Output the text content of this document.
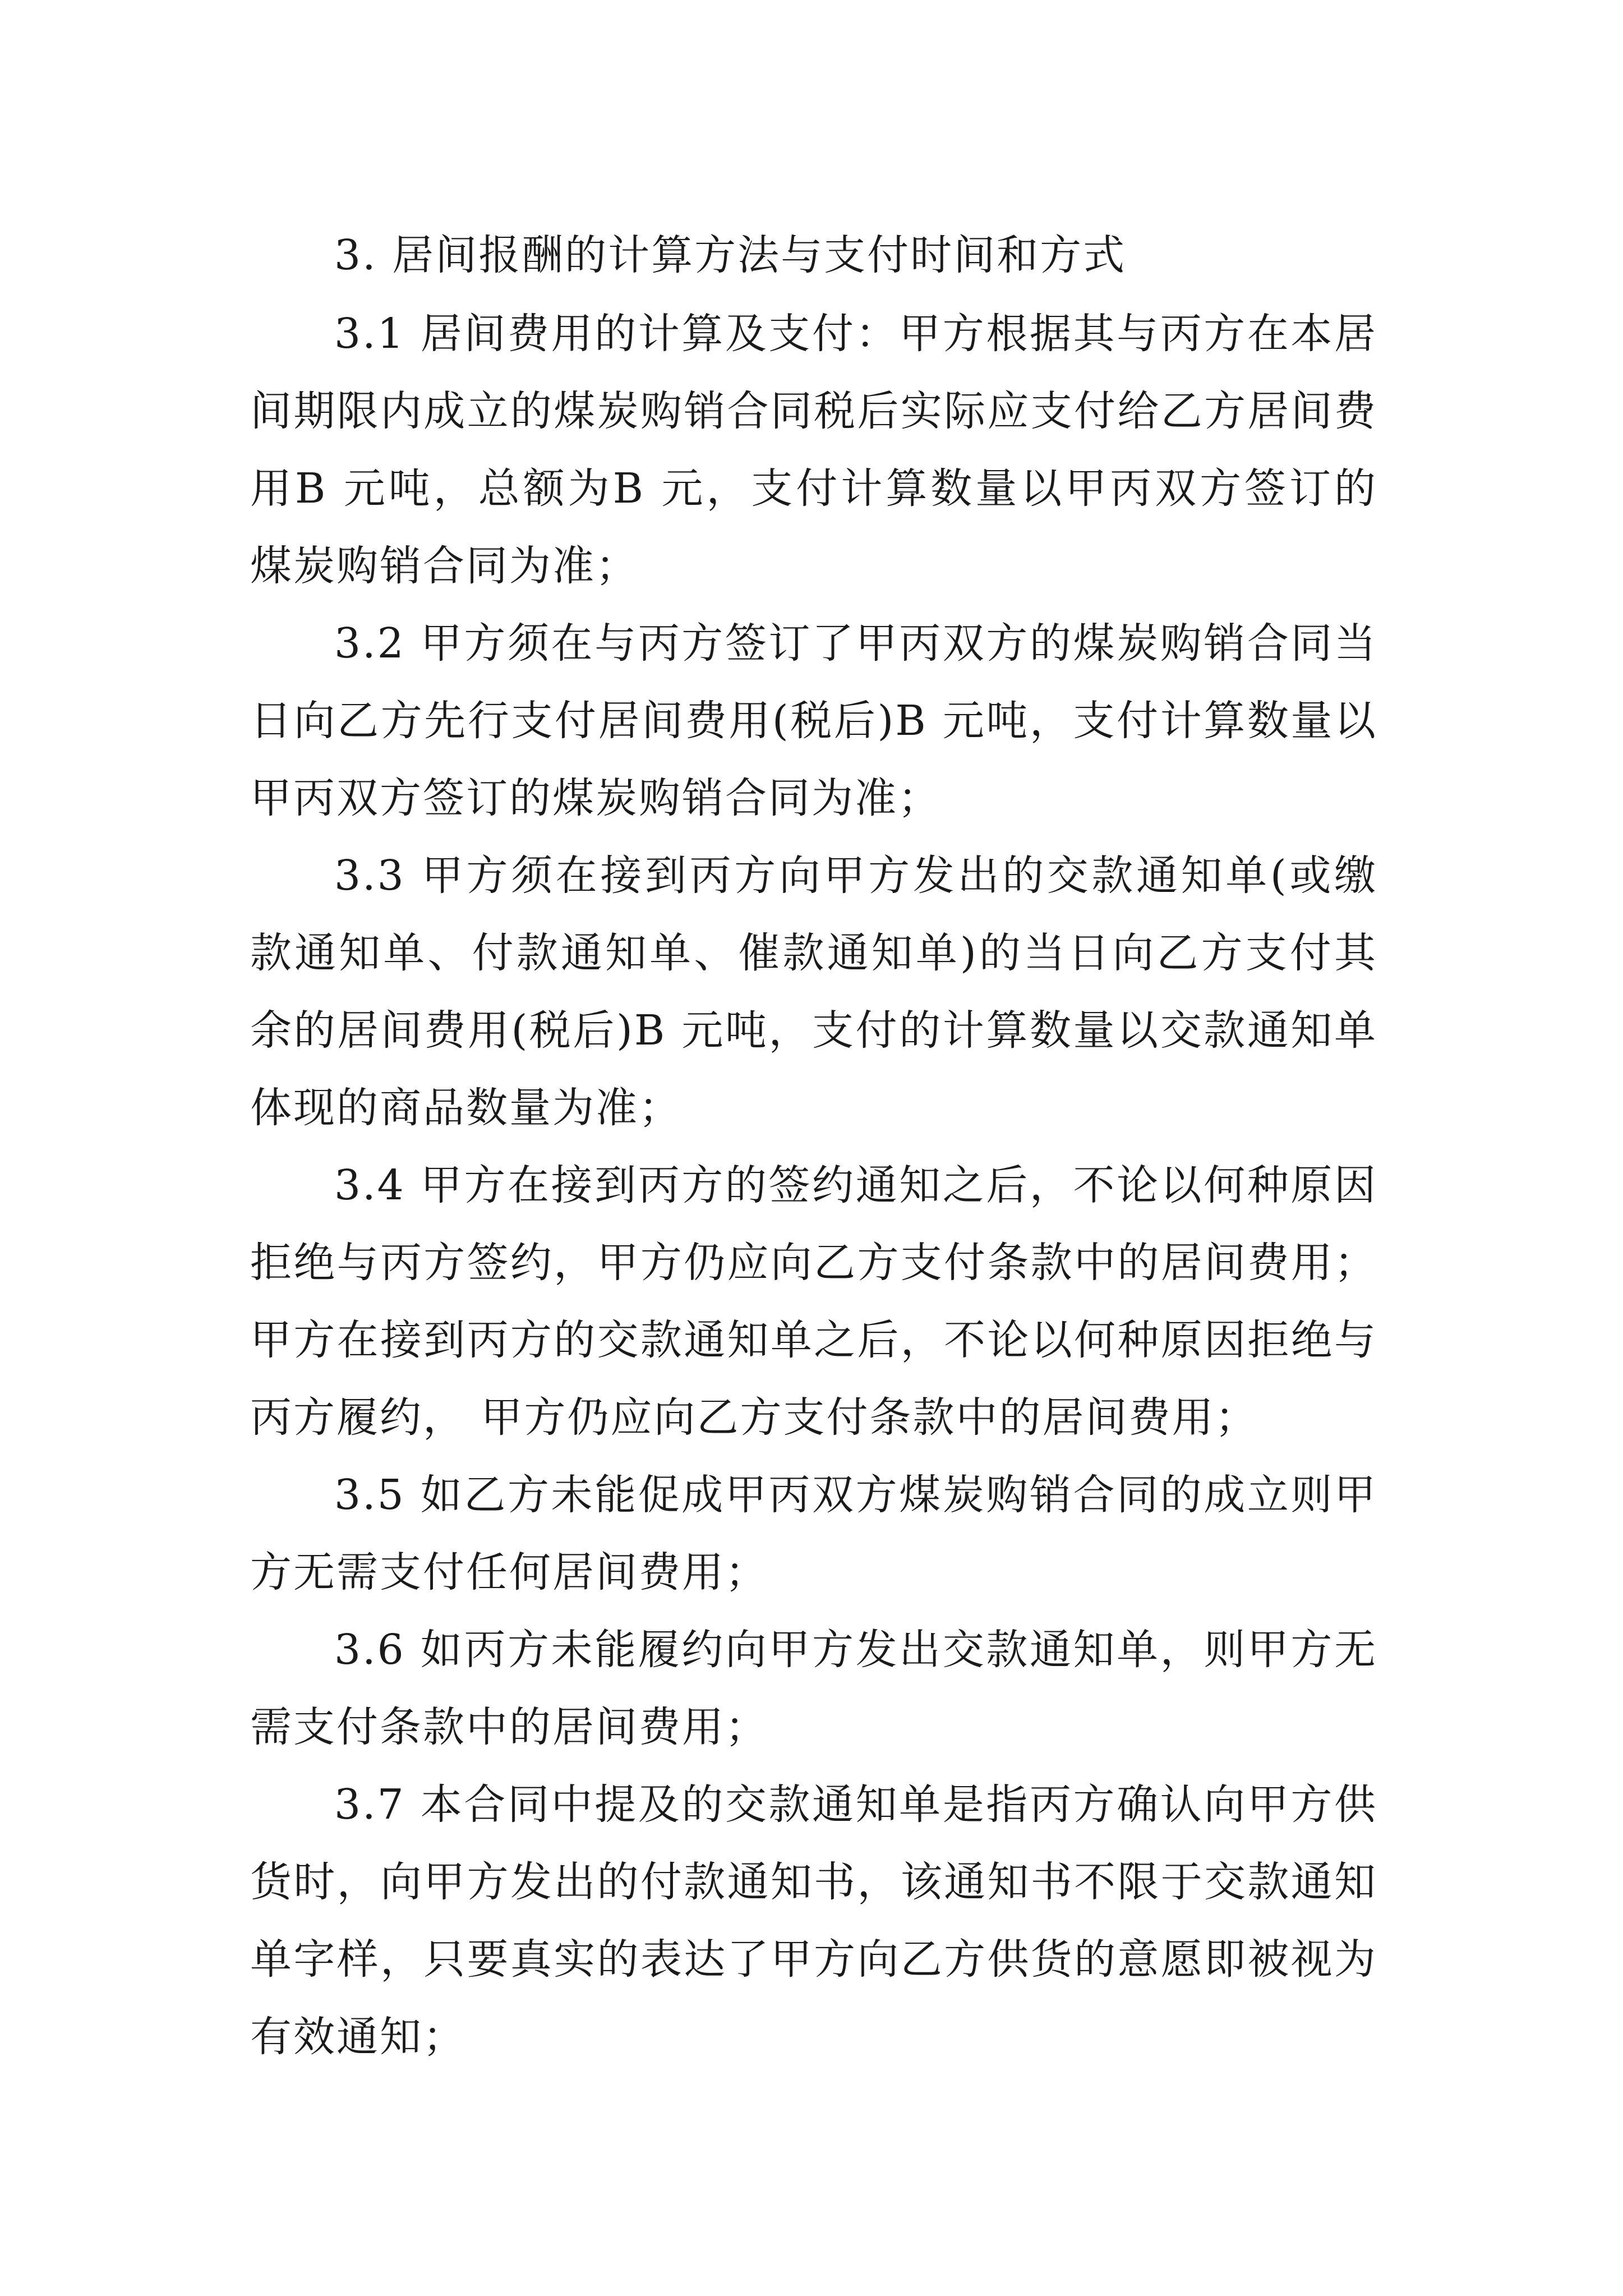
3. 居间报酬的计算方法与支付时间和方式

3.1 居间费用的计算及支付：甲方根据其与丙方在本居间期限内成立的煤炭购销合同税后实际应支付给乙方居间费用B 元吨，总额为B 元，支付计算数量以甲丙双方签订的煤炭购销合同为准；

3.2 甲方须在与丙方签订了甲丙双方的煤炭购销合同当日向乙方先行支付居间费用(税后)B 元吨，支付计算数量以甲丙双方签订的煤炭购销合同为准；

3.3 甲方须在接到丙方向甲方发出的交款通知单(或缴款通知单、付款通知单、催款通知单)的当日向乙方支付其余的居间费用(税后)B 元吨，支付的计算数量以交款通知单体现的商品数量为准；

3.4 甲方在接到丙方的签约通知之后，不论以何种原因拒绝与丙方签约，甲方仍应向乙方支付条款中的居间费用；甲方在接到丙方的交款通知单之后，不论以何种原因拒绝与丙方履约， 甲方仍应向乙方支付条款中的居间费用；

3.5 如乙方未能促成甲丙双方煤炭购销合同的成立则甲方无需支付任何居间费用；

3.6 如丙方未能履约向甲方发出交款通知单，则甲方无需支付条款中的居间费用；

3.7 本合同中提及的交款通知单是指丙方确认向甲方供货时，向甲方发出的付款通知书，该通知书不限于交款通知单字样，只要真实的表达了甲方向乙方供货的意愿即被视为有效通知；
